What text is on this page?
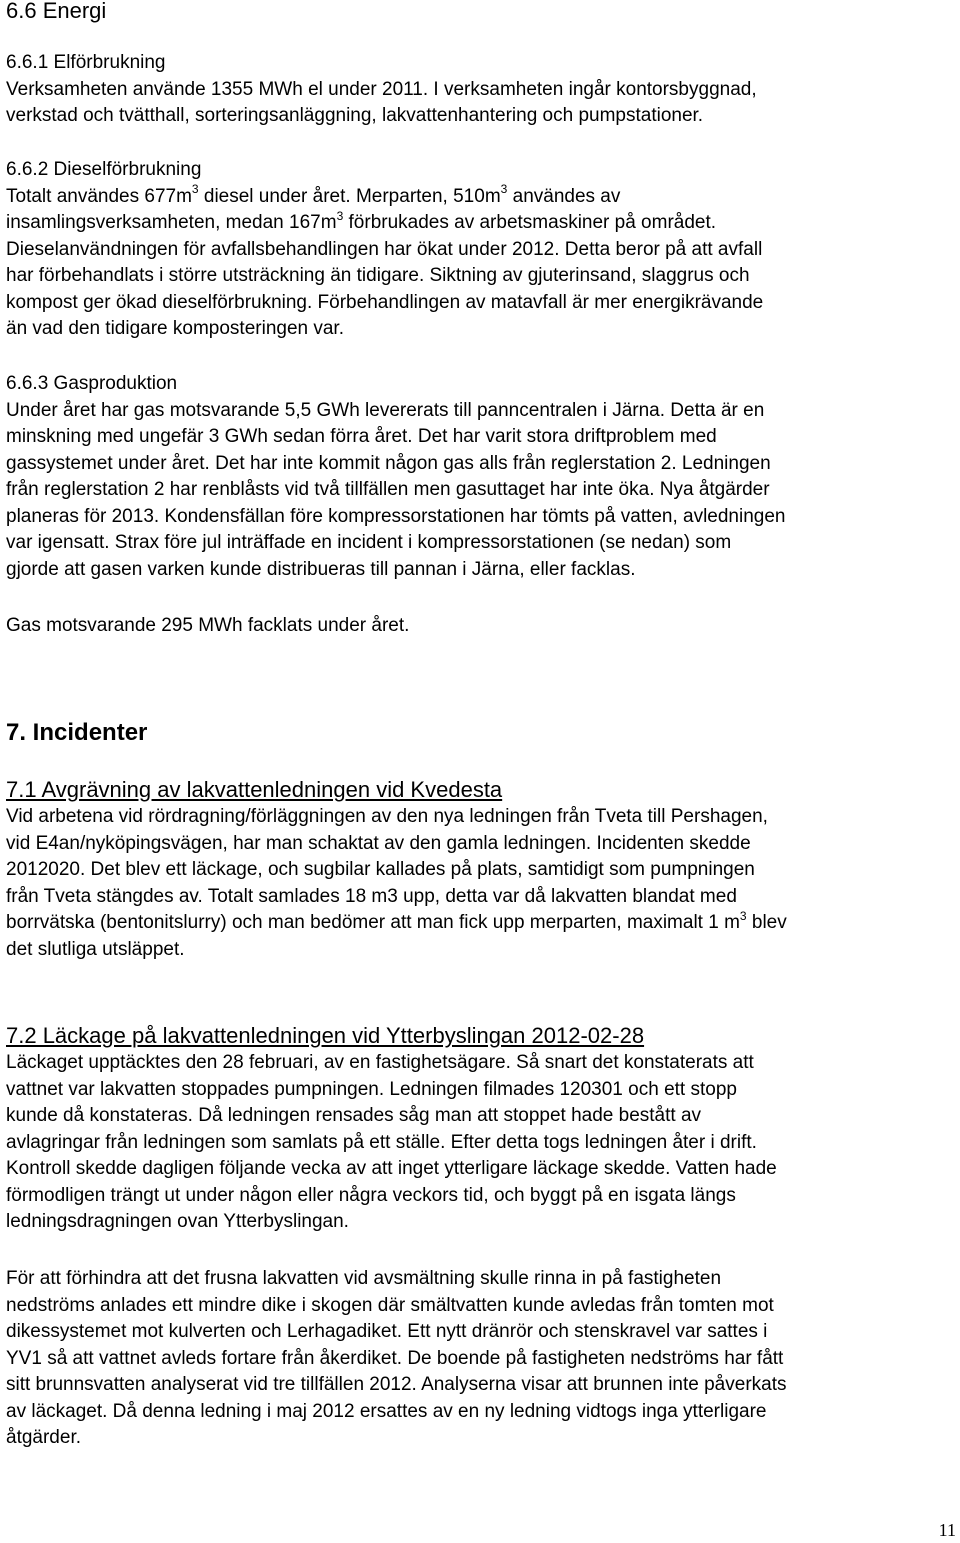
6.6 Energi

6.6.1 Elförbrukning

Verksamheten använde 1355 MWh el under 2011. I verksamheten ingår kontorsbyggnad,

verkstad och tvätthall, sorteringsanläggning, lakvattenhantering och pumpstationer.

6.6.2 Dieselförbrukning

Totalt användes $677m^3$ diesel under året. Merparten, $510m^3$ användes av

insamlingsverksamheten, medan $167m^3$ förbrukades av arbetsmaskiner på området.

Dieselanvändningen för avfallsbehandlingen har ökat under 2012. Detta beror på att avfall

har förbehandlats i större utsträckning än tidigare. Siktning av gjuterinsand, slaggrus och

kompost ger ökad dieselförbrukning. Förbehandlingen av matavfall är mer energikrävande

än vad den tidigare komposteringen var.

6.6.3 Gasproduktion

Under året har gas motsvarande 5,5 GWh levererats till panncentralen i Järna. Detta är en

minskning med ungefär 3 GWh sedan förra året. Det har varit stora driftproblem med

gassystemet under året. Det har inte kommit någon gas alls från reglerstation 2. Ledningen

från reglerstation 2 har renblåsts vid två tillfällen men gasuttaget har inte öka. Nya åtgärder

planeras för 2013. Kondensfällan före kompressorstationen har tömts på vatten, avledningen

var igensatt. Strax före jul inträffade en incident i kompressorstationen (se nedan) som

gjorde att gasen varken kunde distribueras till pannan i Järna, eller facklas.

Gas motsvarande 295 MWh facklats under året.

7. Incidenter

7.1 Avgrävning av lakvattenledningen vid Kvedesta

Vid arbetena vid rördragning/förläggningen av den nya ledningen från Tveta till Pershagen,

vid E4an/nyköpingsvägen, har man schaktat av den gamla ledningen. Incidenten skedde

2012020. Det blev ett läckage, och sugbilar kallades på plats, samtidigt som pumpningen

från Tveta stängdes av. Totalt samlades 18 m3 upp, detta var då lakvatten blandat med

borrvätska (bentonitslurry) och man bedömer att man fick upp merparten, maximalt 1 $m^3$ blev

det slutliga utsläppet.

7.2 Läckage på lakvattenledningen vid Ytterbyslingan 2012-02-28

Läckaget upptäcktes den 28 februari, av en fastighetsägare. Så snart det konstaterats att

vattnet var lakvatten stoppades pumpningen. Ledningen filmades 120301 och ett stopp

kunde då konstateras. Då ledningen rensades såg man att stoppet hade bestått av

avlagringar från ledningen som samlats på ett ställe. Efter detta togs ledningen åter i drift.

Kontroll skedde dagligen följande vecka av att inget ytterligare läckage skedde. Vatten hade

förmodligen trängt ut under någon eller några veckors tid, och byggt på en isgata längs

ledningsdragningen ovan Ytterbyslingan.

För att förhindra att det frusna lakvatten vid avsmältning skulle rinna in på fastigheten

nedströms anlades ett mindre dike i skogen där smältvatten kunde avledas från tomten mot

dikessystemet mot kulverten och Lerhagadiket. Ett nytt dränrör och stenskravel var sattes i

YV1 så att vattnet avleds fortare från åkerdiket. De boende på fastigheten nedströms har fått

sitt brunnsvatten analyserat vid tre tillfällen 2012. Analyserna visar att brunnen inte påverkats

av läckaget. Då denna ledning i maj 2012 ersattes av en ny ledning vidtogs inga ytterligare

åtgärder.

11
